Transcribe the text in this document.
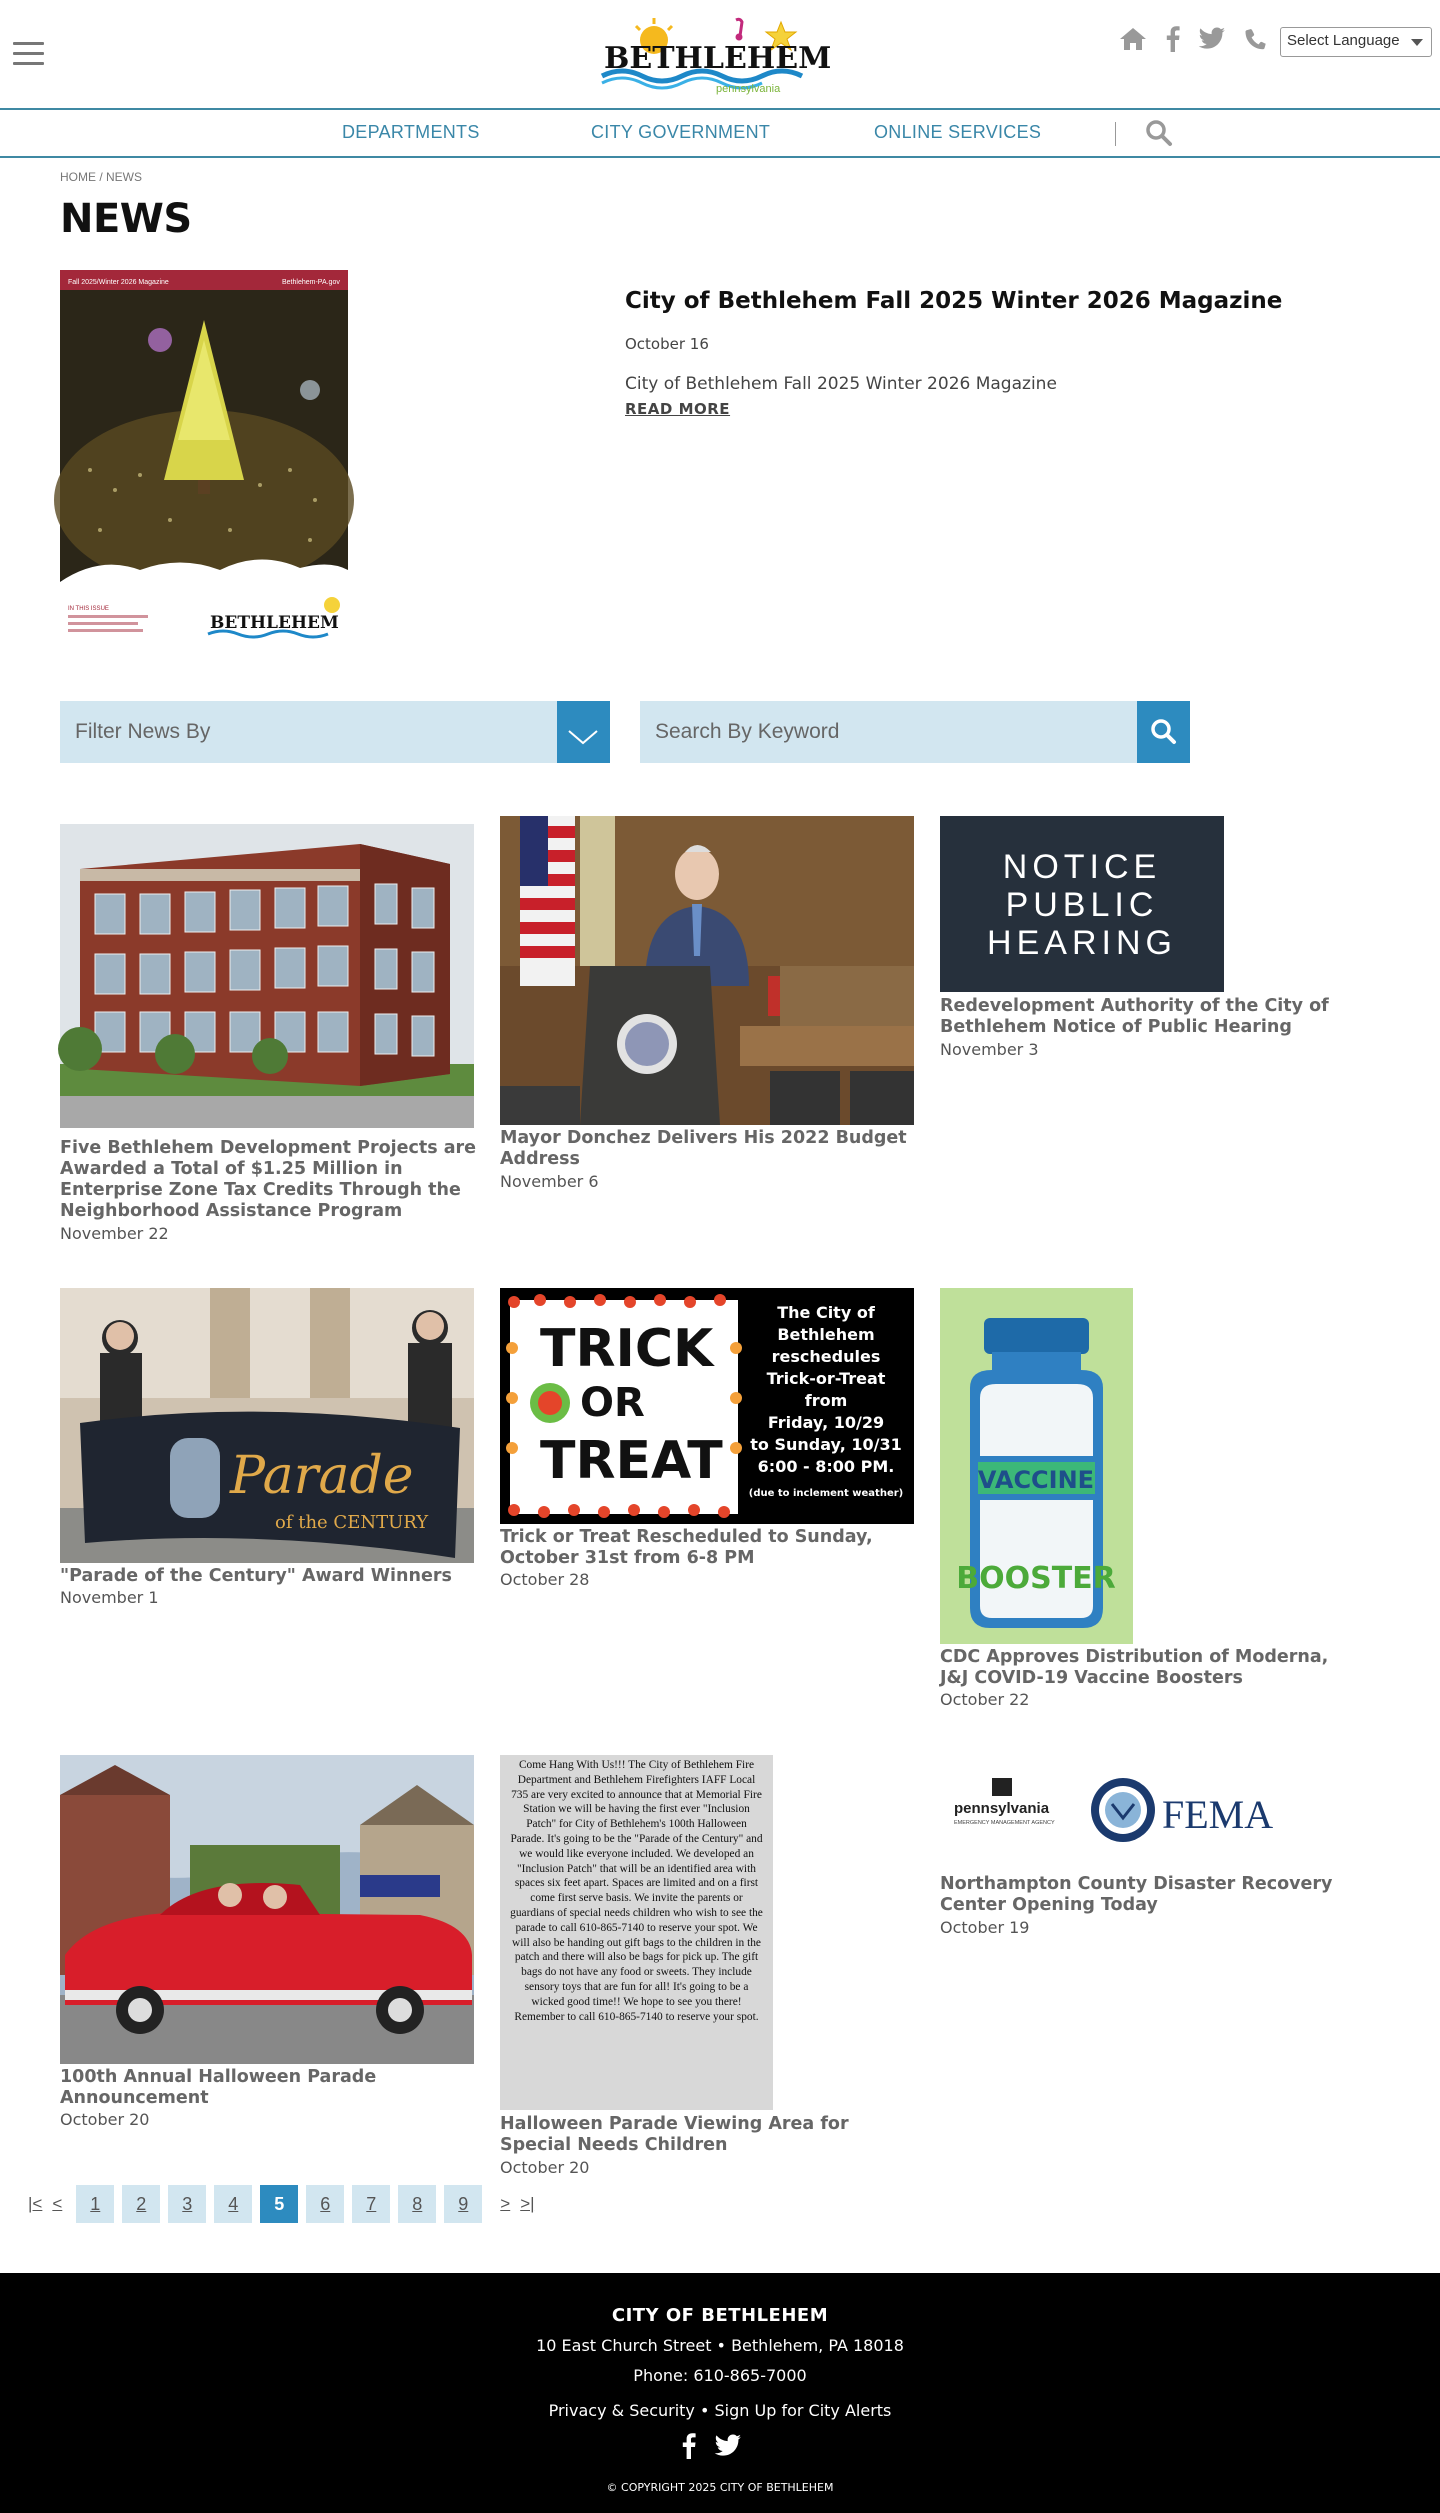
BETHLEHEM
pennsylvania
Select Language
DEPARTMENTS	CITY GOVERNMENT	ONLINE SERVICES
HOME / NEWS
NEWS
Fall 2025/Winter 2026 Magazine	Bethlehem-PA.gov
IN THIS ISSUE
BETHLEHEM
City of Bethlehem Fall 2025 Winter 2026 Magazine
October 16
City of Bethlehem Fall 2025 Winter 2026 Magazine
READ MORE
Filter News By
Search By Keyword
Five Bethlehem Development Projects are Awarded a Total of $1.25 Million in Enterprise Zone Tax Credits Through the Neighborhood Assistance Program
November 22
Mayor Donchez Delivers His 2022 Budget Address
November 6
NOTICE
PUBLIC
HEARING
Redevelopment Authority of the City of Bethlehem Notice of Public Hearing
November 3
Parade
of the CENTURY
"Parade of the Century" Award Winners
November 1
TRICK
OR
TREAT
The City of
Bethlehem
reschedules
Trick-or-Treat
from
Friday, 10/29
to Sunday, 10/31
6:00 - 8:00 PM.
(due to inclement weather)
Trick or Treat Rescheduled to Sunday, October 31st from 6-8 PM
October 28
VACCINE
BOOSTER
CDC Approves Distribution of Moderna, J&J COVID-19 Vaccine Boosters
October 22
100th Annual Halloween Parade Announcement
October 20
Come Hang With Us!!! The City of Bethlehem Fire Department and Bethlehem Firefighters IAFF Local 735 are very excited to announce that at Memorial Fire Station we will be having the first ever "Inclusion Patch" for City of Bethlehem's 100th Halloween Parade. It's going to be the "Parade of the Century" and we would like everyone included. We developed an "Inclusion Patch" that will be an identified area with spaces six feet apart. Spaces are limited and on a first come first serve basis. We invite the parents or guardians of special needs children who wish to see the parade to call 610-865-7140 to reserve your spot. We will also be handing out gift bags to the children in the patch and there will also be bags for pick up. The gift bags do not have any food or sweets. They include sensory toys that are fun for all! It's going to be a wicked good time!! We hope to see you there! Remember to call 610-865-7140 to reserve your spot.
Halloween Parade Viewing Area for Special Needs Children
October 20
pennsylvania
EMERGENCY MANAGEMENT AGENCY	FEMA
Northampton County Disaster Recovery Center Opening Today
October 19
|< <	1	2	3	4	5	6	7	8	9	> >|
CITY OF BETHLEHEM
10 East Church Street • Bethlehem, PA 18018
Phone: 610-865-7000
Privacy & Security • Sign Up for City Alerts
© COPYRIGHT 2025 CITY OF BETHLEHEM
